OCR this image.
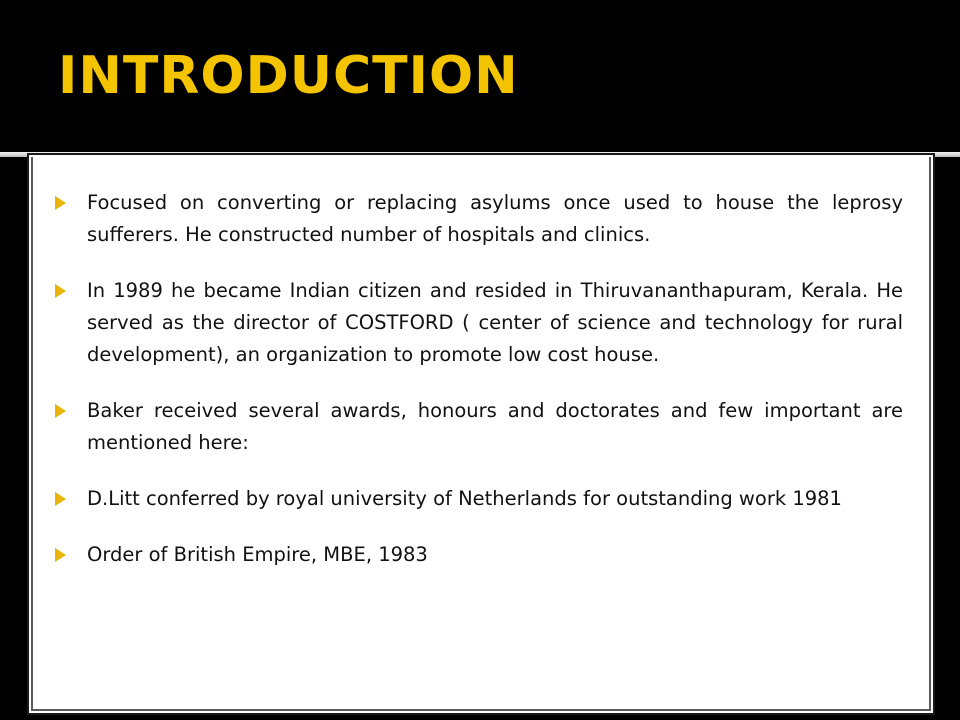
INTRODUCTION
Focused on converting or replacing asylums once used to house the leprosy sufferers. He constructed number of hospitals and clinics.
In 1989 he became Indian citizen and resided in Thiruvananthapuram, Kerala. He served as the director of COSTFORD ( center of science and technology for rural development), an organization to promote low cost house.
Baker received several awards, honours and doctorates and few important are mentioned here:
D.Litt conferred by royal university of Netherlands for outstanding work 1981
Order of British Empire, MBE, 1983
